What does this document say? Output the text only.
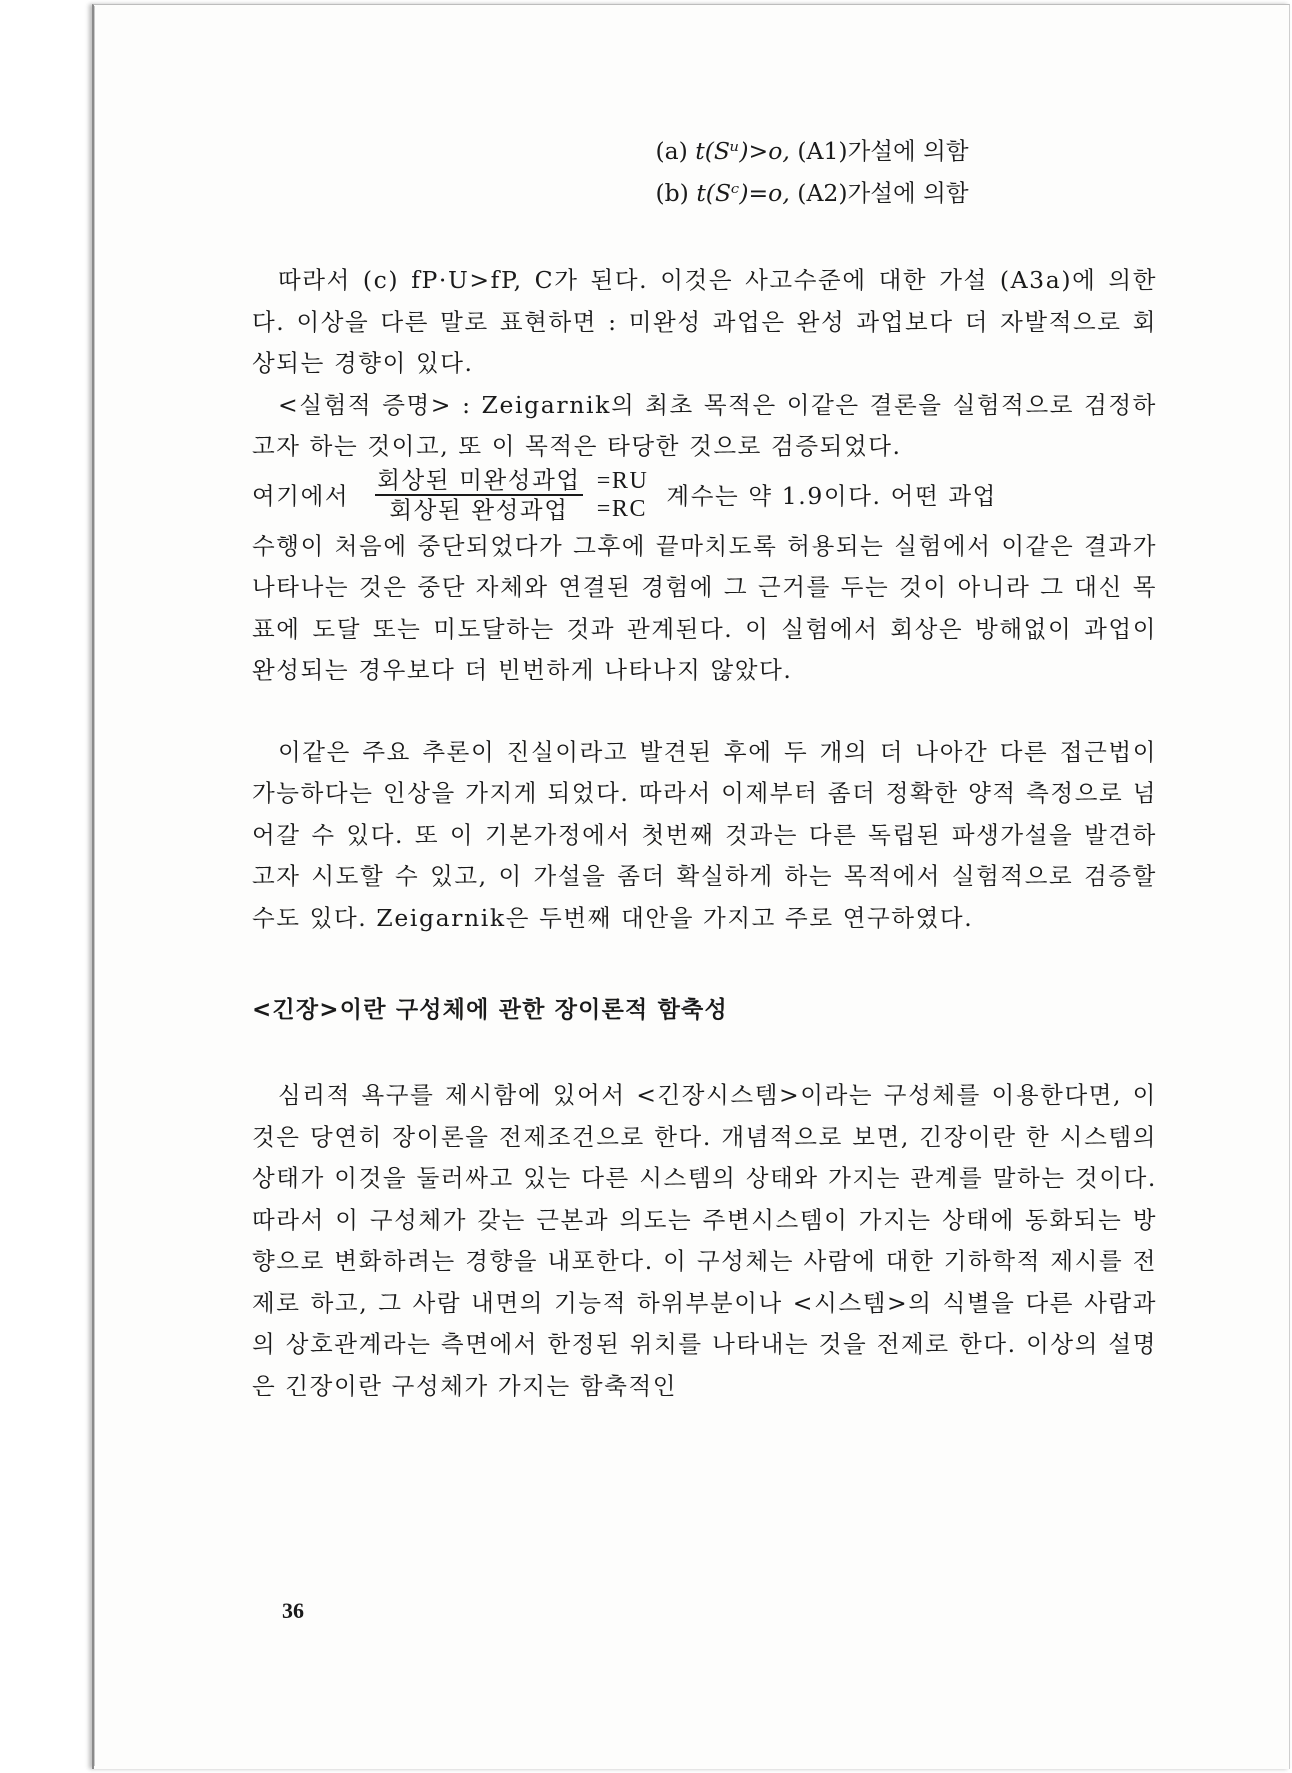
(a) t(Sᵘ)>o, (A1)가설에 의함
(b) t(Sᶜ)=o, (A2)가설에 의함

따라서 (c) fP·U>fP, C가 된다. 이것은 사고수준에 대한 가설 (A3a)에 의한다. 이상을 다른 말로 표현하면 : 미완성 과업은 완성 과업보다 더 자발적으로 회상되는 경향이 있다.

<실험적 증명> : Zeigarnik의 최초 목적은 이같은 결론을 실험적으로 검정하고자 하는 것이고, 또 이 목적은 타당한 것으로 검증되었다.

여기에서 $\frac{\text{회상된 미완성과업}}{\text{회상된 완성과업}} =RU$
=RC 계수는 약 1.9이다. 어떤 과업

수행이 처음에 중단되었다가 그후에 끝마치도록 허용되는 실험에서 이같은 결과가 나타나는 것은 중단 자체와 연결된 경험에 그 근거를 두는 것이 아니라 그 대신 목표에 도달 또는 미도달하는 것과 관계된다. 이 실험에서 회상은 방해없이 과업이 완성되는 경우보다 더 빈번하게 나타나지 않았다.

이같은 주요 추론이 진실이라고 발견된 후에 두 개의 더 나아간 다른 접근법이 가능하다는 인상을 가지게 되었다. 따라서 이제부터 좀더 정확한 양적 측정으로 넘어갈 수 있다. 또 이 기본가정에서 첫번째 것과는 다른 독립된 파생가설을 발견하고자 시도할 수 있고, 이 가설을 좀더 확실하게 하는 목적에서 실험적으로 검증할 수도 있다. Zeigarnik은 두번째 대안을 가지고 주로 연구하였다.

<긴장>이란 구성체에 관한 장이론적 함축성

심리적 욕구를 제시함에 있어서 <긴장시스템>이라는 구성체를 이용한다면, 이것은 당연히 장이론을 전제조건으로 한다. 개념적으로 보면, 긴장이란 한 시스템의 상태가 이것을 둘러싸고 있는 다른 시스템의 상태와 가지는 관계를 말하는 것이다. 따라서 이 구성체가 갖는 근본과 의도는 주변시스템이 가지는 상태에 동화되는 방향으로 변화하려는 경향을 내포한다. 이 구성체는 사람에 대한 기하학적 제시를 전제로 하고, 그 사람 내면의 기능적 하위부분이나 <시스템>의 식별을 다른 사람과의 상호관계라는 측면에서 한정된 위치를 나타내는 것을 전제로 한다. 이상의 설명은 긴장이란 구성체가 가지는 함축적인

36
